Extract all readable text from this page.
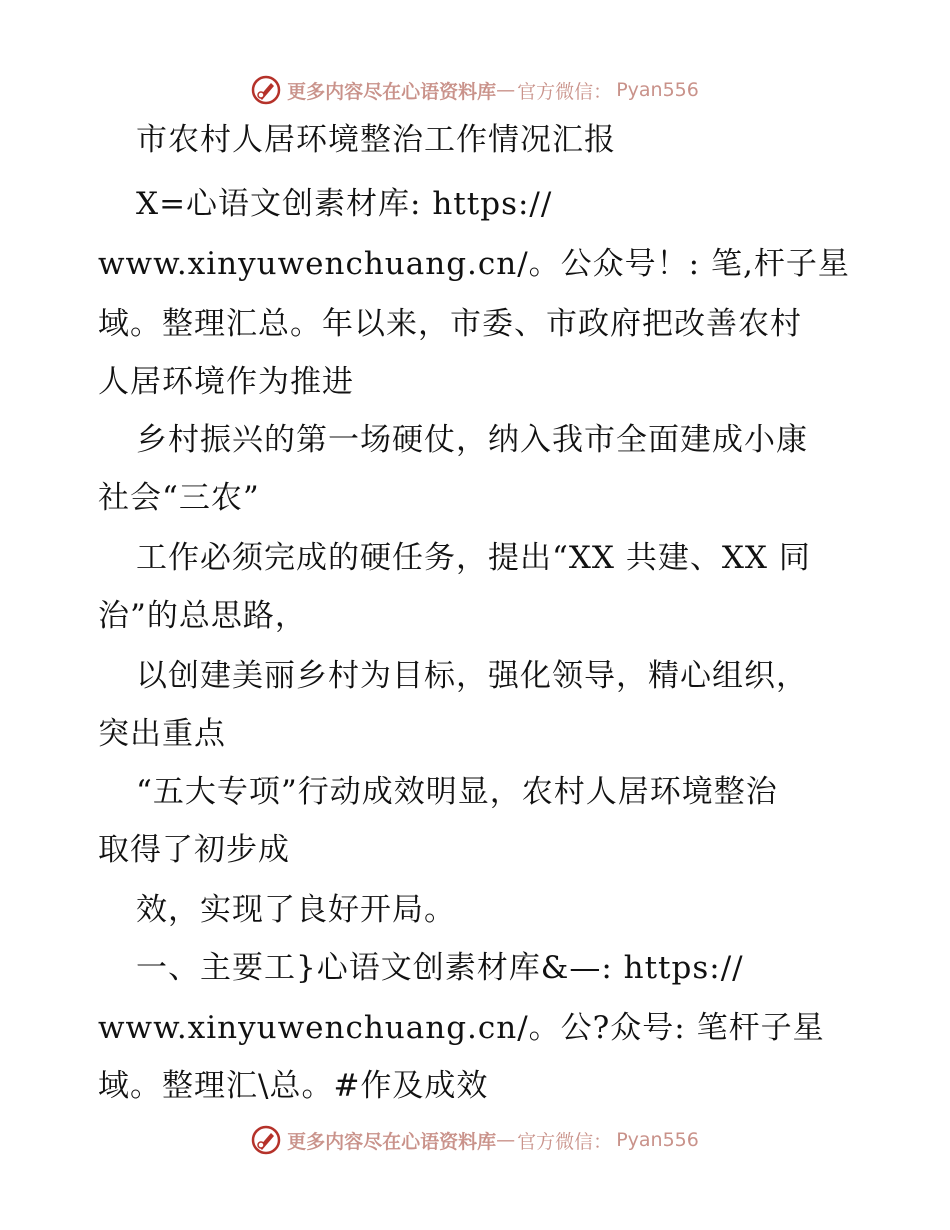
更多内容尽在心语资料库 — 官方微信： Pyan556
市农村人居环境整治工作情况汇报
X=心语文创素材库: https://
www.xinyuwenchuang.cn/。公众号！: 笔,杆子星
域。整理汇总。年以来，市委、市政府把改善农村
人居环境作为推进
乡村振兴的第一场硬仗，纳入我市全面建成小康
社会“三农”
工作必须完成的硬任务，提出“XX 共建、XX 同
治”的总思路，
以创建美丽乡村为目标，强化领导，精心组织，
突出重点
“五大专项”行动成效明显，农村人居环境整治
取得了初步成
效，实现了良好开局。
一、主要工}心语文创素材库&—: https://
www.xinyuwenchuang.cn/。公?众号: 笔杆子星
域。整理汇\总。#作及成效
更多内容尽在心语资料库 — 官方微信： Pyan556
